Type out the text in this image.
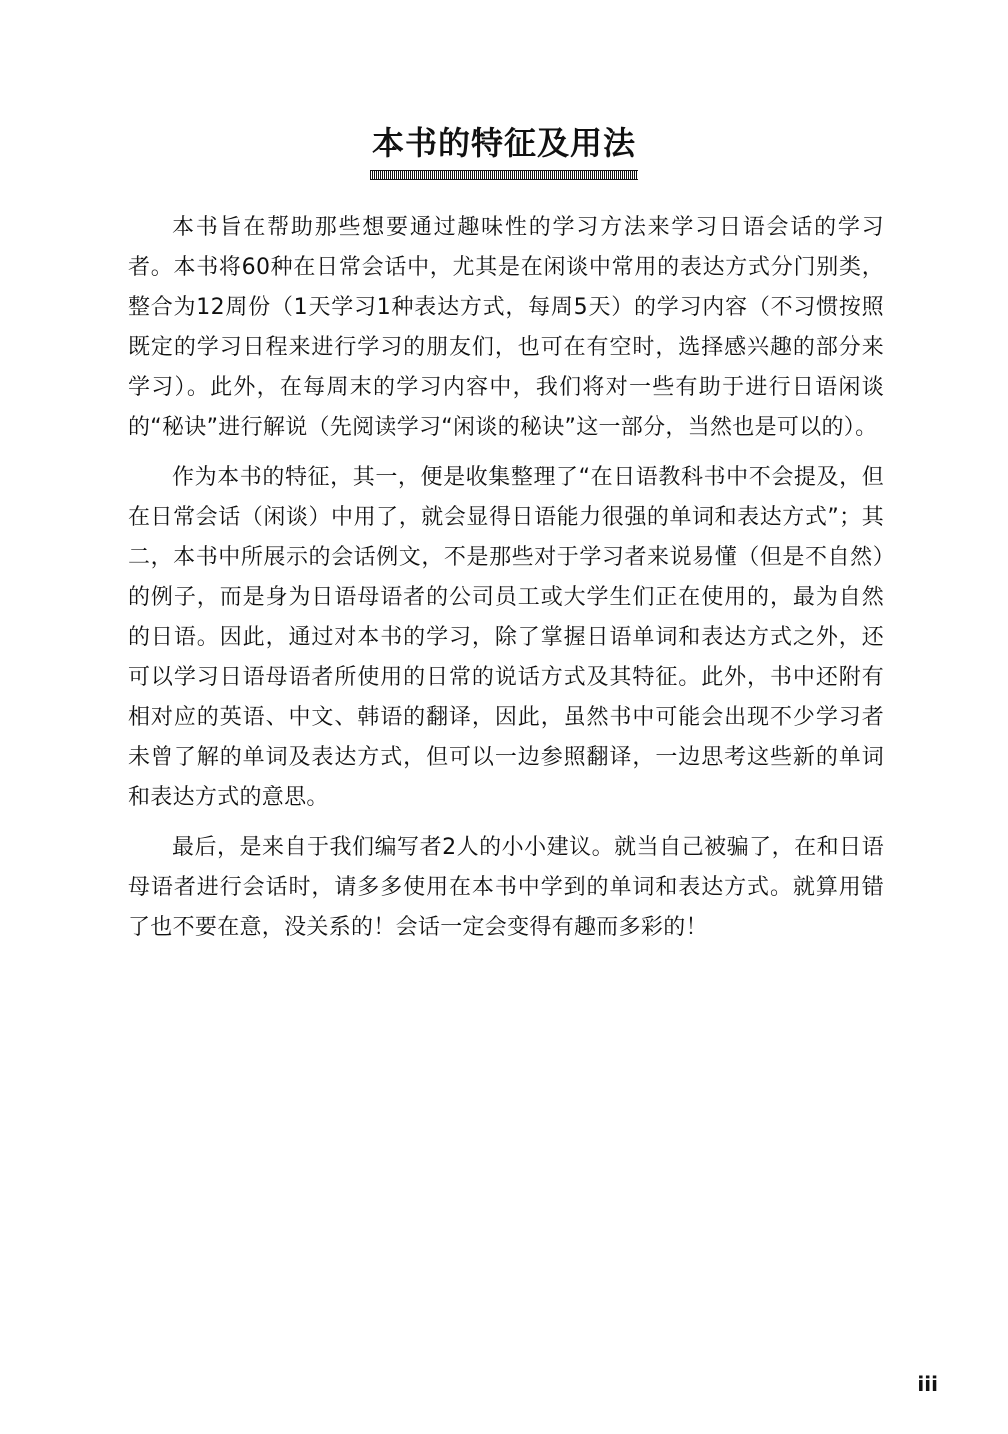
本书的特征及用法

本书旨在帮助那些想要通过趣味性的学习方法来学习日语会话的学习者。本书将60种在日常会话中，尤其是在闲谈中常用的表达方式分门别类，整合为12周份（1天学习1种表达方式，每周5天）的学习内容（不习惯按照既定的学习日程来进行学习的朋友们，也可在有空时，选择感兴趣的部分来学习）。此外，在每周末的学习内容中，我们将对一些有助于进行日语闲谈的“秘诀”进行解说（先阅读学习“闲谈的秘诀”这一部分，当然也是可以的）。

作为本书的特征，其一，便是收集整理了“在日语教科书中不会提及，但在日常会话（闲谈）中用了，就会显得日语能力很强的单词和表达方式”；其二，本书中所展示的会话例文，不是那些对于学习者来说易懂（但是不自然）的例子，而是身为日语母语者的公司员工或大学生们正在使用的，最为自然的日语。因此，通过对本书的学习，除了掌握日语单词和表达方式之外，还可以学习日语母语者所使用的日常的说话方式及其特征。此外，书中还附有相对应的英语、中文、韩语的翻译，因此，虽然书中可能会出现不少学习者未曾了解的单词及表达方式，但可以一边参照翻译，一边思考这些新的单词和表达方式的意思。

最后，是来自于我们编写者2人的小小建议。就当自己被骗了，在和日语母语者进行会话时，请多多使用在本书中学到的单词和表达方式。就算用错了也不要在意，没关系的！会话一定会变得有趣而多彩的！

iii
